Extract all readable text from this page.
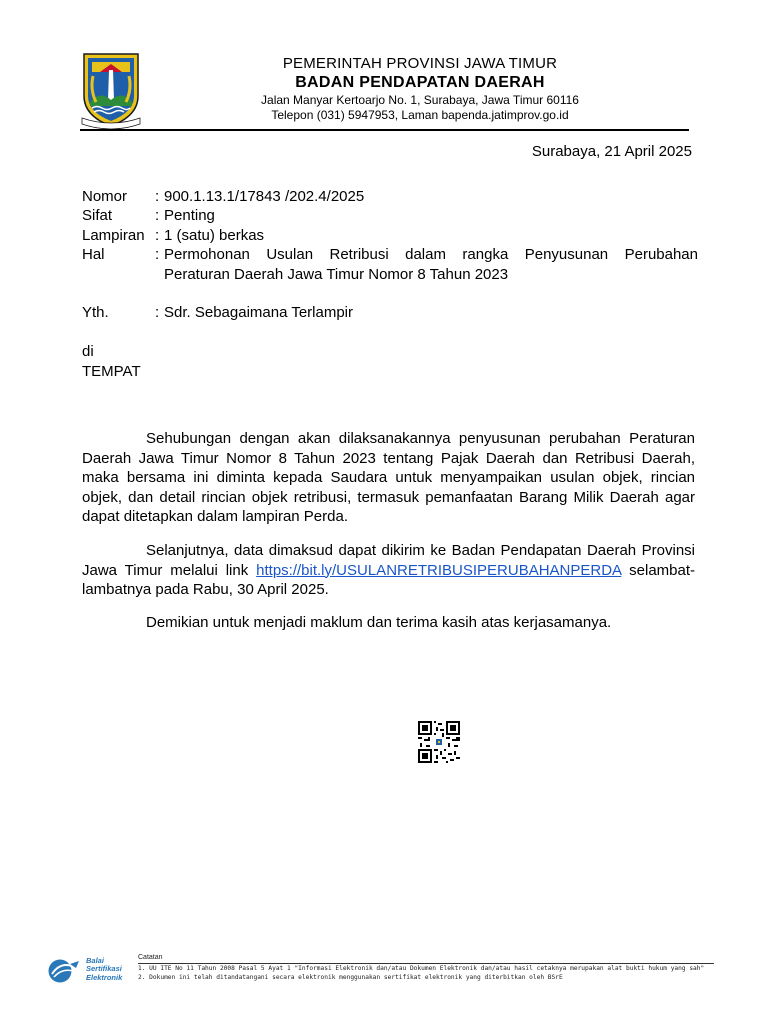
PEMERINTAH PROVINSI JAWA TIMUR
BADAN PENDAPATAN DAERAH
Jalan Manyar Kertoarjo No. 1, Surabaya, Jawa Timur 60116
Telepon (031) 5947953, Laman bapenda.jatimprov.go.id
Surabaya, 21 April 2025
Nomor	: 900.1.13.1/17843 /202.4/2025
Sifat	: Penting
Lampiran : 1 (satu) berkas
Hal	: Permohonan Usulan Retribusi dalam rangka Penyusunan Perubahan
Peraturan Daerah Jawa Timur Nomor 8 Tahun 2023
Yth.	: Sdr. Sebagaimana Terlampir
di
TEMPAT
Sehubungan dengan akan dilaksanakannya penyusunan perubahan Peraturan Daerah Jawa Timur Nomor 8 Tahun 2023 tentang Pajak Daerah dan Retribusi Daerah, maka bersama ini diminta kepada Saudara untuk menyampaikan usulan objek, rincian objek, dan detail rincian objek retribusi, termasuk pemanfaatan Barang Milik Daerah agar dapat ditetapkan dalam lampiran Perda.
Selanjutnya, data dimaksud dapat dikirim ke Badan Pendapatan Daerah Provinsi Jawa Timur melalui link https://bit.ly/USULANRETRIBUSIPERUBAHANPERDA selambat-lambatnya pada Rabu, 30 April 2025.
Demikian untuk menjadi maklum dan terima kasih atas kerjasamanya.
Balai
Sertifikasi
Elektronik
Catatan
1. UU ITE No 11 Tahun 2008 Pasal 5 Ayat 1 "Informasi Elektronik dan/atau Dokumen Elektronik dan/atau hasil cetaknya merupakan alat bukti hukum yang sah"
2. Dokumen ini telah ditandatangani secara elektronik menggunakan sertifikat elektronik yang diterbitkan oleh BSrE
